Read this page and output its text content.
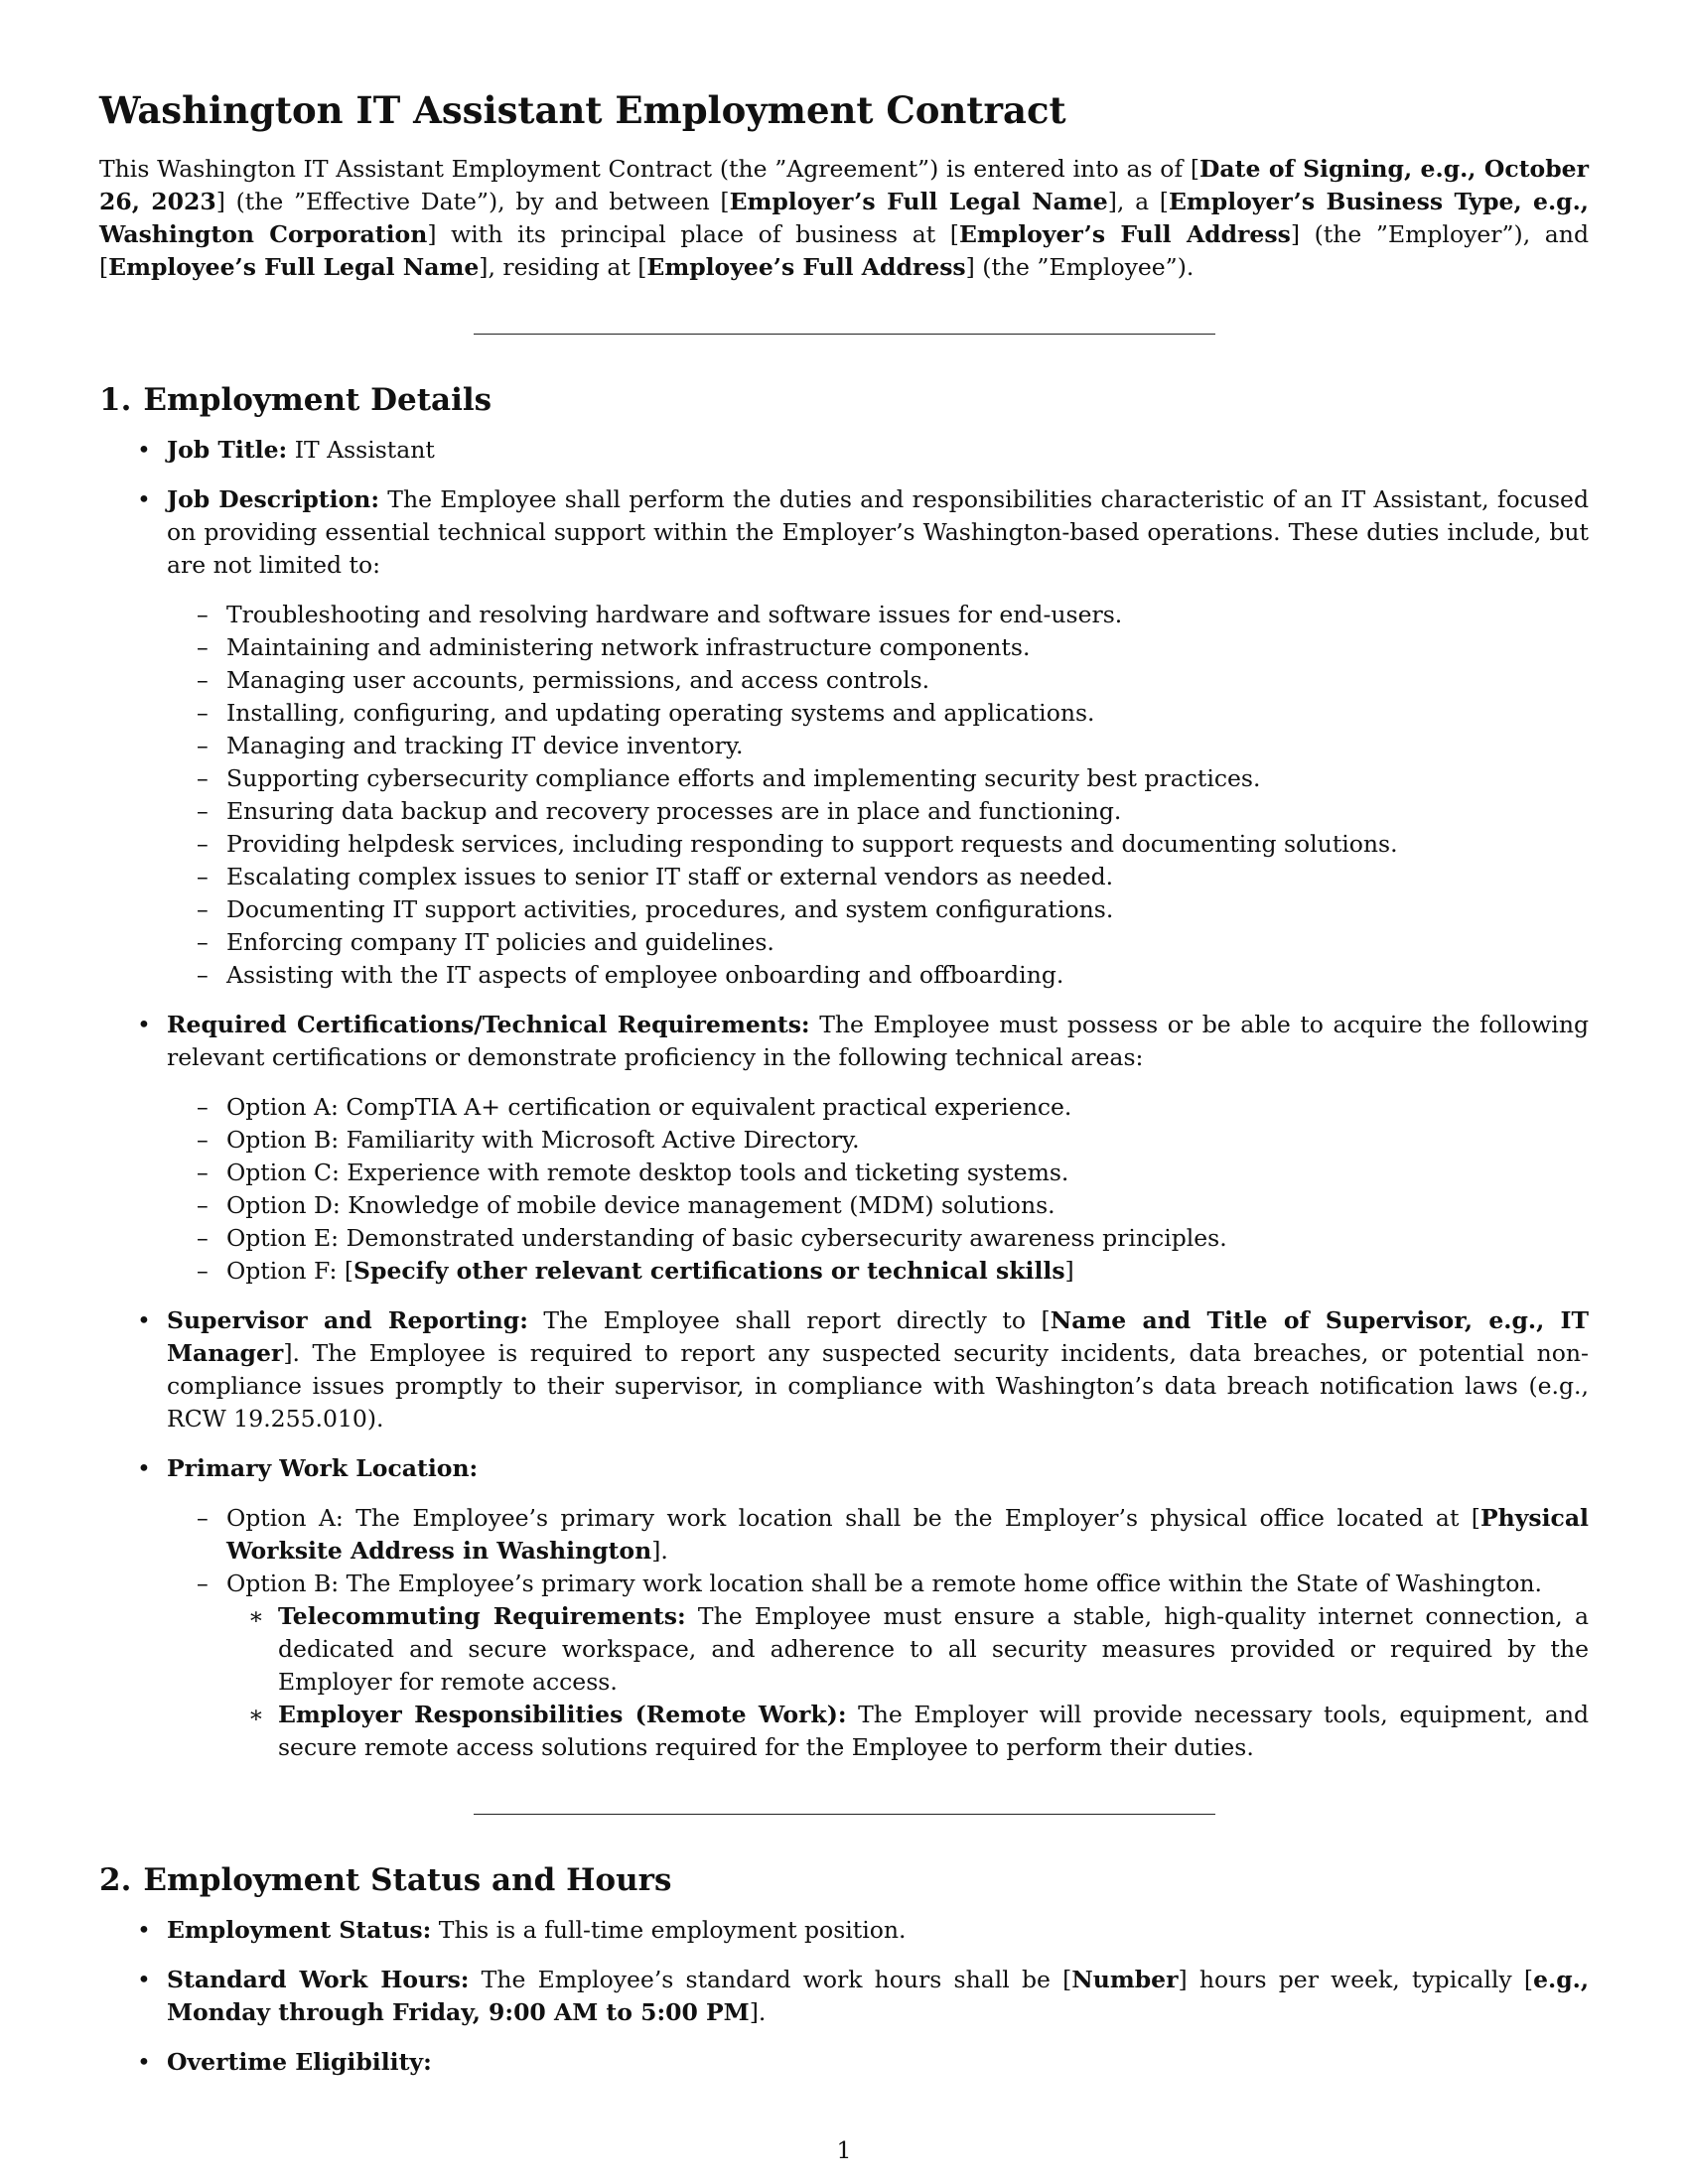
Washington IT Assistant Employment Contract

This Washington IT Assistant Employment Contract (the ”Agreement”) is entered into as of [Date of Signing, e.g., October 26, 2023] (the ”Effective Date”), by and between [Employer’s Full Legal Name], a [Employer’s Business Type, e.g., Washington Corporation] with its principal place of business at [Employer’s Full Address] (the ”Employer”), and [Employee’s Full Legal Name], residing at [Employee’s Full Address] (the ”Employee”).

1. Employment Details
• Job Title: IT Assistant
• Job Description: The Employee shall perform the duties and responsibilities characteristic of an IT Assistant, focused on providing essential technical support within the Employer’s Washington-based operations. These duties include, but are not limited to:
– Troubleshooting and resolving hardware and software issues for end-users.
– Maintaining and administering network infrastructure components.
– Managing user accounts, permissions, and access controls.
– Installing, configuring, and updating operating systems and applications.
– Managing and tracking IT device inventory.
– Supporting cybersecurity compliance efforts and implementing security best practices.
– Ensuring data backup and recovery processes are in place and functioning.
– Providing helpdesk services, including responding to support requests and documenting solutions.
– Escalating complex issues to senior IT staff or external vendors as needed.
– Documenting IT support activities, procedures, and system configurations.
– Enforcing company IT policies and guidelines.
– Assisting with the IT aspects of employee onboarding and offboarding.
• Required Certifications/Technical Requirements: The Employee must possess or be able to acquire the following relevant certifications or demonstrate proficiency in the following technical areas:
– Option A: CompTIA A+ certification or equivalent practical experience.
– Option B: Familiarity with Microsoft Active Directory.
– Option C: Experience with remote desktop tools and ticketing systems.
– Option D: Knowledge of mobile device management (MDM) solutions.
– Option E: Demonstrated understanding of basic cybersecurity awareness principles.
– Option F: [Specify other relevant certifications or technical skills]
• Supervisor and Reporting: The Employee shall report directly to [Name and Title of Supervisor, e.g., IT Manager]. The Employee is required to report any suspected security incidents, data breaches, or potential non-compliance issues promptly to their supervisor, in compliance with Washington’s data breach notification laws (e.g., RCW 19.255.010).
• Primary Work Location:
– Option A: The Employee’s primary work location shall be the Employer’s physical office located at [Physical Worksite Address in Washington].
– Option B: The Employee’s primary work location shall be a remote home office within the State of Washington.
∗ Telecommuting Requirements: The Employee must ensure a stable, high-quality internet connection, a dedicated and secure workspace, and adherence to all security measures provided or required by the Employer for remote access.
∗ Employer Responsibilities (Remote Work): The Employer will provide necessary tools, equipment, and secure remote access solutions required for the Employee to perform their duties.
2. Employment Status and Hours
• Employment Status: This is a full-time employment position.
• Standard Work Hours: The Employee’s standard work hours shall be [Number] hours per week, typically [e.g., Monday through Friday, 9:00 AM to 5:00 PM].
• Overtime Eligibility:
1
